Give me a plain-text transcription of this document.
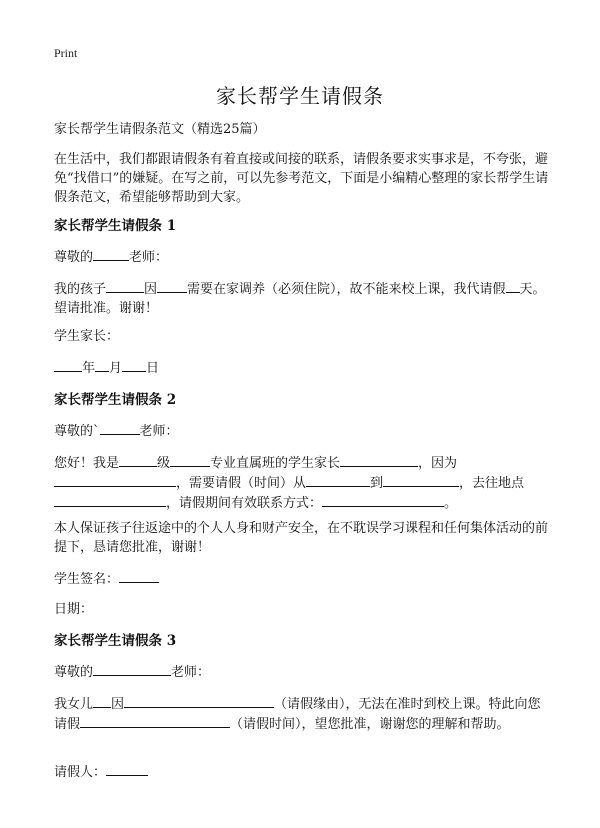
Print
家长帮学生请假条
家长帮学生请假条范文（精选25篇）
在生活中，我们都跟请假条有着直接或间接的联系，请假条要求实事求是，不夸张，避免“找借口”的嫌疑。在写之前，可以先参考范文，下面是小编精心整理的家长帮学生请假条范文，希望能够帮助到大家。
家长帮学生请假条 1
尊敬的	老师：
我的孩子	因 需要在家调养（必须住院），故不能来校上课，我代请假 天。望请批准。谢谢！
学生家长：
年 月 日
家长帮学生请假条 2
尊敬的`	老师：
您好！我是	级	专业直属班的学生家长	，因为
，需要请假（时间）从	到	，去往地点，请假期间有效联系方式：	。
本人保证孩子往返途中的个人人身和财产安全，在不耽误学习课程和任何集体活动的前提下，恳请您批准，谢谢！
学生签名：
日期：
家长帮学生请假条 3
尊敬的	老师：
我女儿 因	（请假缘由），无法在准时到校上课。特此向您请假	（请假时间），望您批准，谢谢您的理解和帮助。
请假人：
